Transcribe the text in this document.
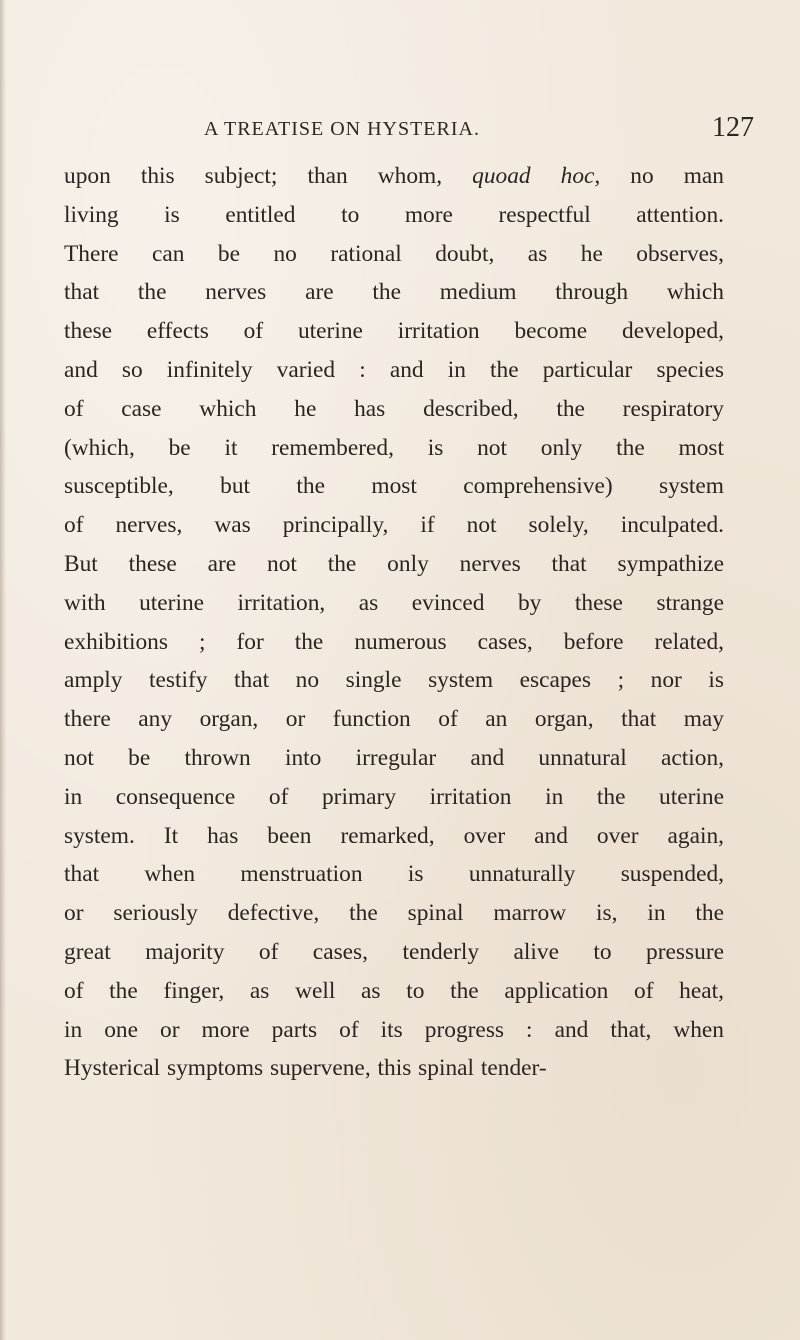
A TREATISE ON HYSTERIA.	127
upon this subject; than whom, quoad hoc, no man
living is entitled to more respectful attention.
There can be no rational doubt, as he observes,
that the nerves are the medium through which
these effects of uterine irritation become developed,
and so infinitely varied : and in the particular species
of case which he has described, the respiratory
(which, be it remembered, is not only the most
susceptible, but the most comprehensive) system
of nerves, was principally, if not solely, inculpated.
But these are not the only nerves that sympathize
with uterine irritation, as evinced by these strange
exhibitions ; for the numerous cases, before related,
amply testify that no single system escapes ; nor is
there any organ, or function of an organ, that may
not be thrown into irregular and unnatural action,
in consequence of primary irritation in the uterine
system. It has been remarked, over and over again,
that when menstruation is unnaturally suspended,
or seriously defective, the spinal marrow is, in the
great majority of cases, tenderly alive to pressure
of the finger, as well as to the application of heat,
in one or more parts of its progress : and that, when
Hysterical symptoms supervene, this spinal tender-
